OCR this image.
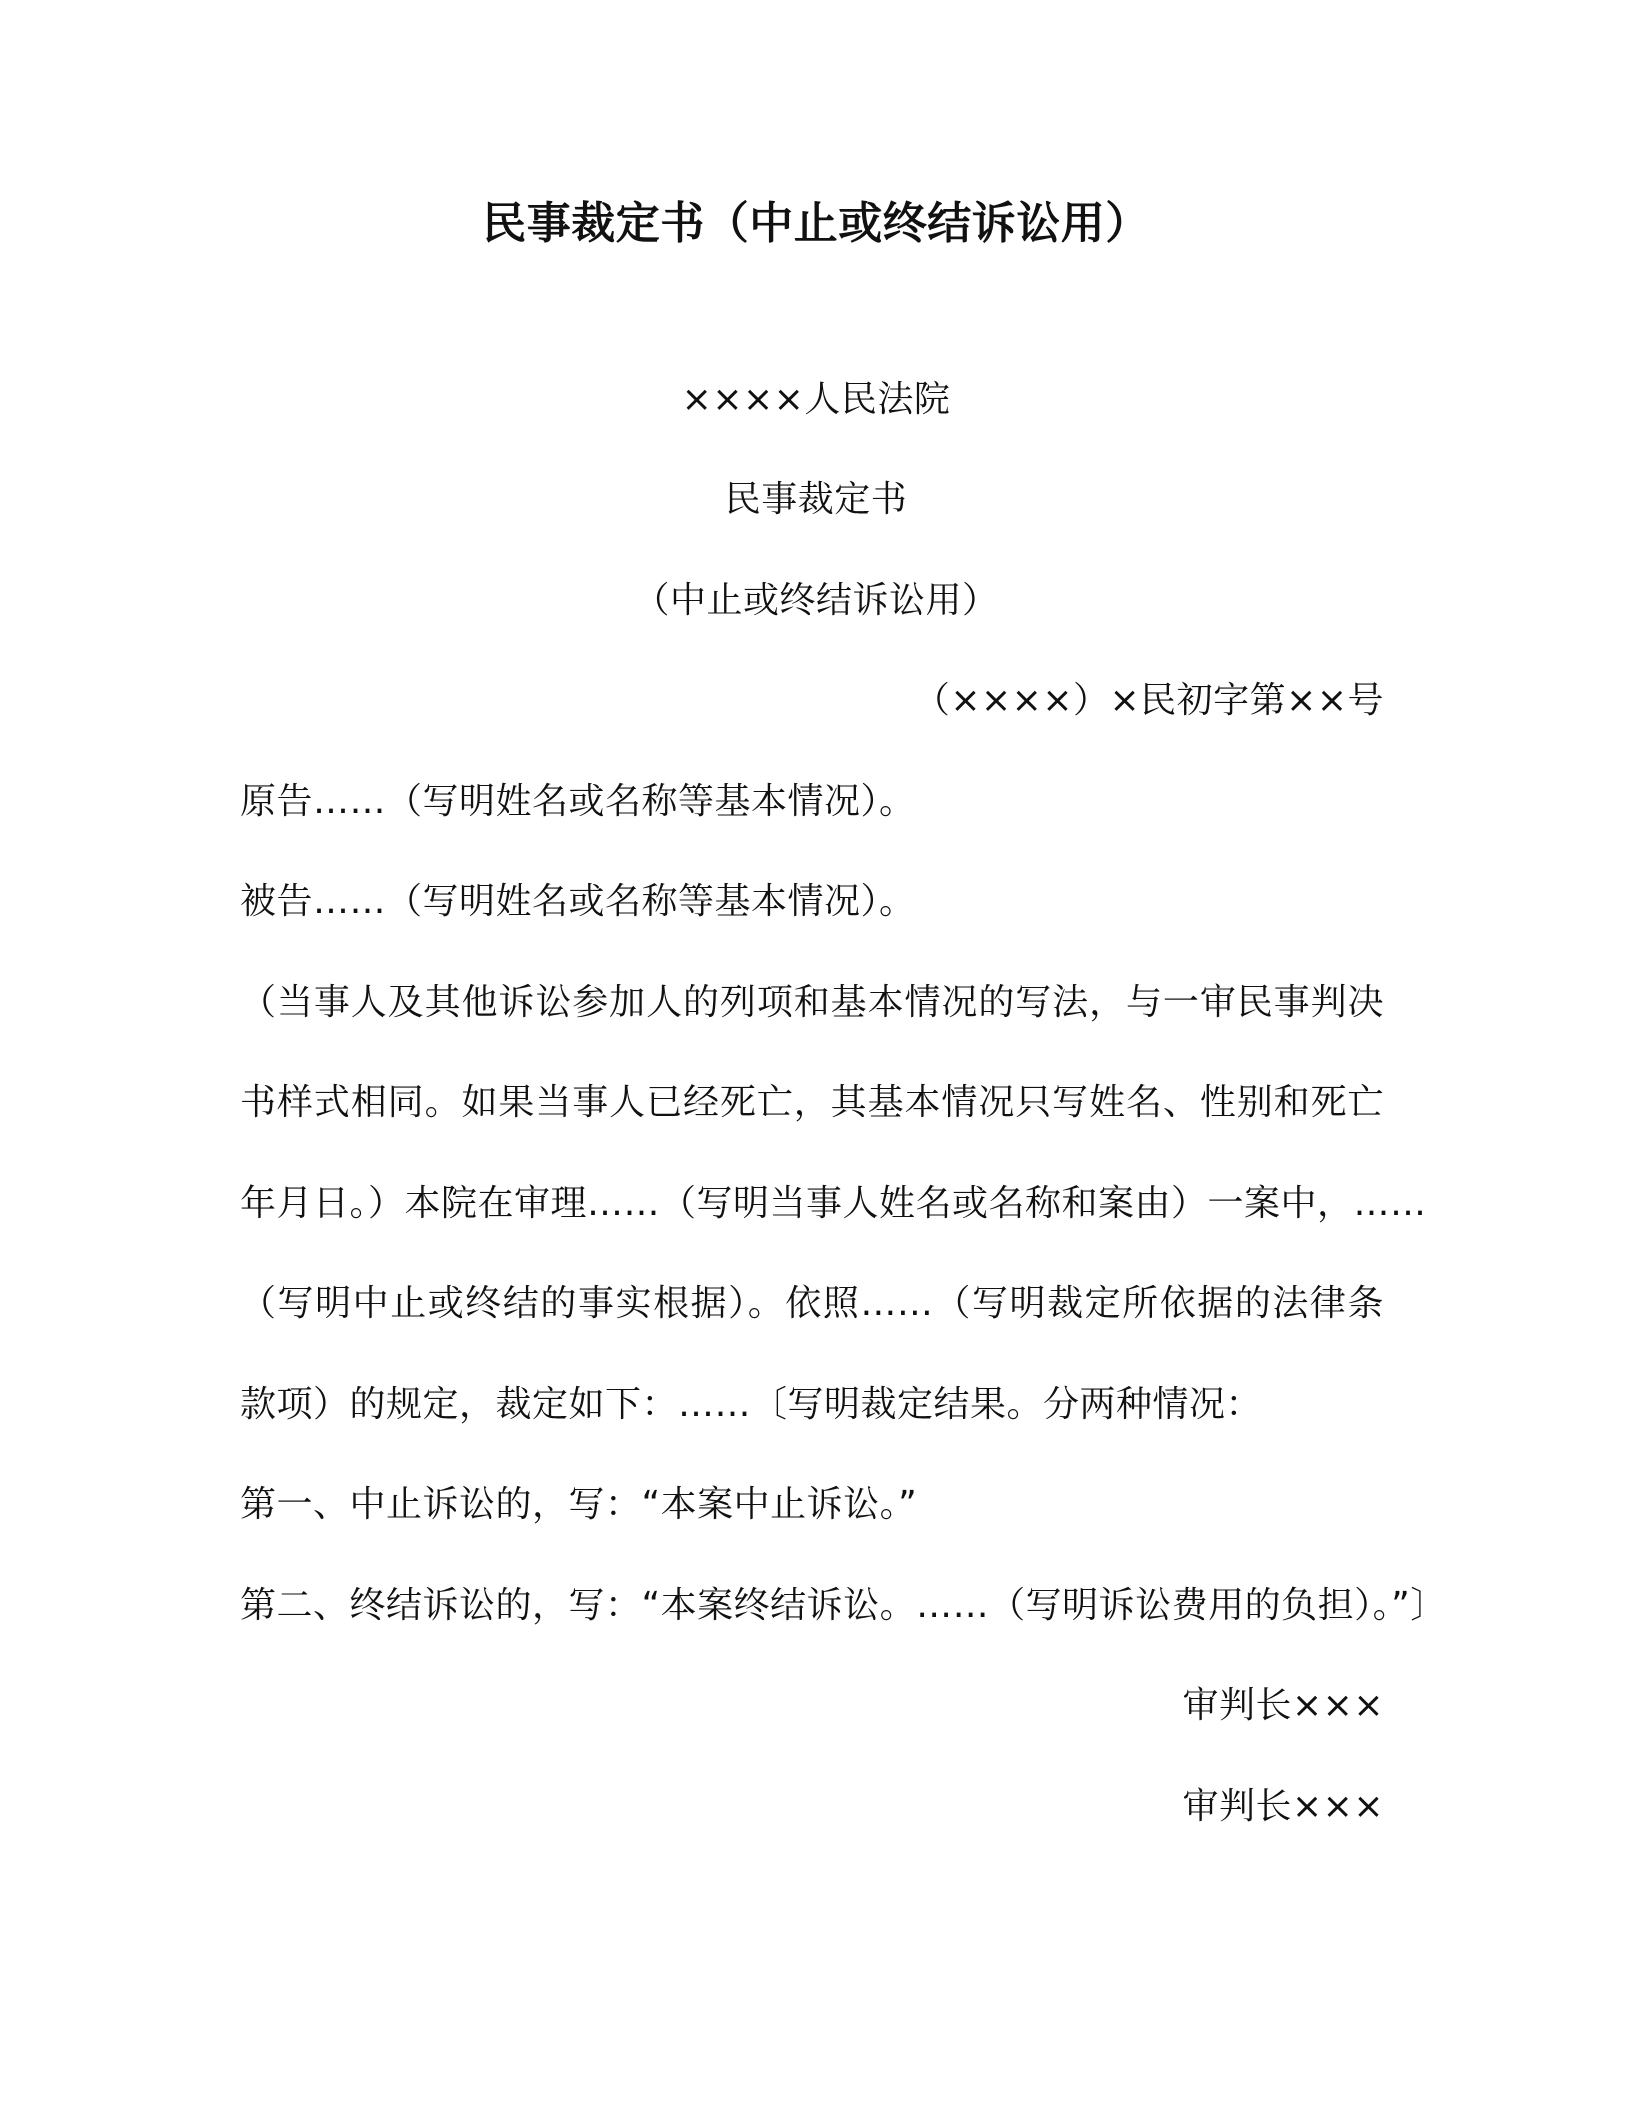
民事裁定书（中止或终结诉讼用）
××××人民法院
民事裁定书
（中止或终结诉讼用）
（××××）×民初字第××号
原告……（写明姓名或名称等基本情况）。
被告……（写明姓名或名称等基本情况）。
（当事人及其他诉讼参加人的列项和基本情况的写法，与一审民事判决
书样式相同。如果当事人已经死亡，其基本情况只写姓名、性别和死亡
年月日。）本院在审理……（写明当事人姓名或名称和案由）一案中，……
（写明中止或终结的事实根据）。依照……（写明裁定所依据的法律条
款项）的规定，裁定如下：……〔写明裁定结果。分两种情况：
第一、中止诉讼的，写：“本案中止诉讼。”
第二、终结诉讼的，写：“本案终结诉讼。……（写明诉讼费用的负担）。”〕
审判长×××
审判长×××
